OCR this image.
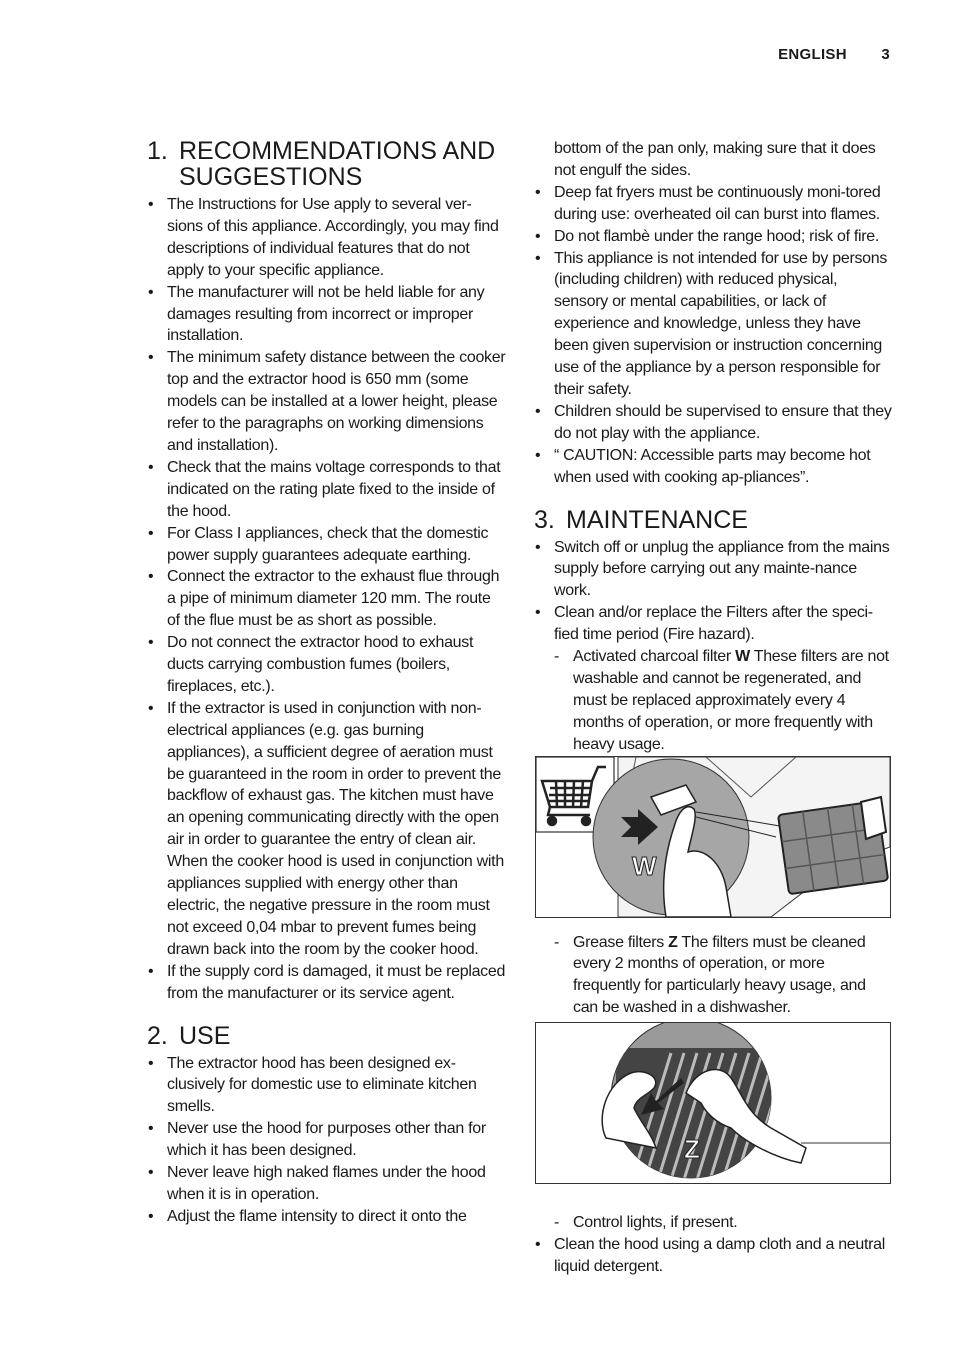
ENGLISH 3
1. RECOMMENDATIONS AND SUGGESTIONS
• The Instructions for Use apply to several ver-sions of this appliance. Accordingly, you may find descriptions of individual features that do not apply to your specific appliance.
• The manufacturer will not be held liable for any damages resulting from incorrect or improper installation.
• The minimum safety distance between the cooker top and the extractor hood is 650 mm (some models can be installed at a lower height, please refer to the paragraphs on working dimensions and installation).
• Check that the mains voltage corresponds to that indicated on the rating plate fixed to the inside of the hood.
• For Class I appliances, check that the domestic power supply guarantees adequate earthing.
• Connect the extractor to the exhaust flue through a pipe of minimum diameter 120 mm. The route of the flue must be as short as possible.
• Do not connect the extractor hood to exhaust ducts carrying combustion fumes (boilers, fireplaces, etc.).
• If the extractor is used in conjunction with non-electrical appliances (e.g. gas burning appliances), a sufficient degree of aeration must be guaranteed in the room in order to prevent the backflow of exhaust gas. The kitchen must have an opening communicating directly with the open air in order to guarantee the entry of clean air. When the cooker hood is used in conjunction with appliances supplied with energy other than electric, the negative pressure in the room must not exceed 0,04 mbar to prevent fumes being drawn back into the room by the cooker hood.
• If the supply cord is damaged, it must be replaced from the manufacturer or its service agent.
2. USE
• The extractor hood has been designed ex-clusively for domestic use to eliminate kitchen smells.
• Never use the hood for purposes other than for which it has been designed.
• Never leave high naked flames under the hood when it is in operation.
• Adjust the flame intensity to direct it onto the

bottom of the pan only, making sure that it does not engulf the sides.

• Deep fat fryers must be continuously moni-tored during use: overheated oil can burst into flames.
• Do not flambè under the range hood; risk of fire.
• This appliance is not intended for use by persons (including children) with reduced physical, sensory or mental capabilities, or lack of experience and knowledge, unless they have been given supervision or instruction concerning use of the appliance by a person responsible for their safety.
• Children should be supervised to ensure that they do not play with the appliance.
• “ CAUTION: Accessible parts may become hot when used with cooking ap-pliances”.
3. MAINTENANCE
• Switch off or unplug the appliance from the mains supply before carrying out any mainte-nance work.
• Clean and/or replace the Filters after the speci-fied time period (Fire hazard).
- Activated charcoal filter W These filters are not washable and cannot be regenerated, and must be replaced approximately every 4 months of operation, or more frequently with heavy usage.
W
- Grease filters Z The filters must be cleaned every 2 months of operation, or more frequently for particularly heavy usage, and can be washed in a dishwasher.
Z
- Control lights, if present.
• Clean the hood using a damp cloth and a neutral liquid detergent.
